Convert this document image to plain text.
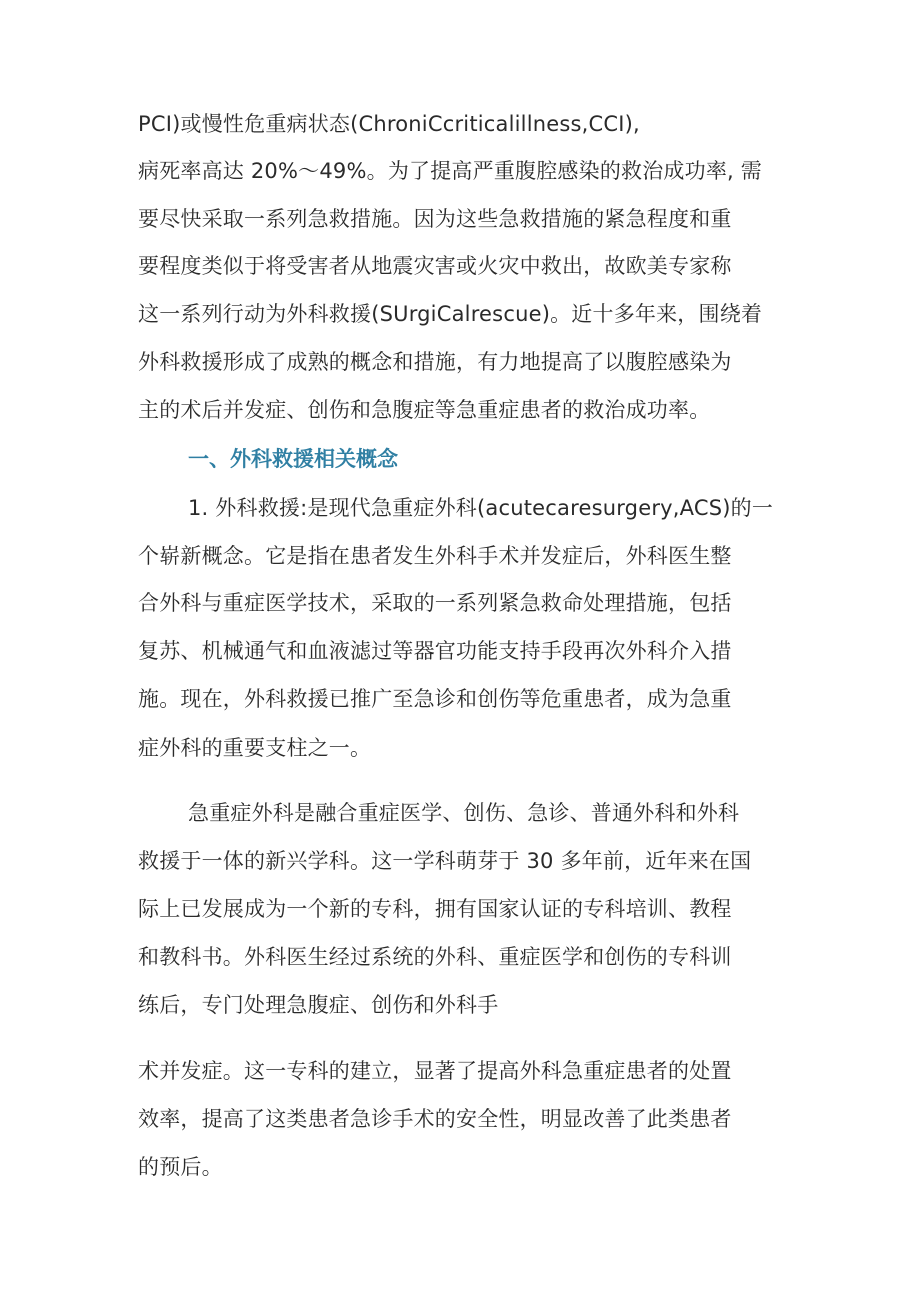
PCI)或慢性危重病状态(ChroniCcriticalillness,CCI),
病死率高达 20%～49%。为了提高严重腹腔感染的救治成功率, 需
要尽快采取一系列急救措施。因为这些急救措施的紧急程度和重
要程度类似于将受害者从地震灾害或火灾中救出，故欧美专家称
这一系列行动为外科救援(SUrgiCalrescue)。近十多年来，围绕着
外科救援形成了成熟的概念和措施，有力地提高了以腹腔感染为
主的术后并发症、创伤和急腹症等急重症患者的救治成功率。
一、外科救援相关概念
1. 外科救援:是现代急重症外科(acutecaresurgery,ACS)的一
个崭新概念。它是指在患者发生外科手术并发症后，外科医生整
合外科与重症医学技术，采取的一系列紧急救命处理措施，包括
复苏、机械通气和血液滤过等器官功能支持手段再次外科介入措
施。现在，外科救援已推广至急诊和创伤等危重患者，成为急重
症外科的重要支柱之一。
急重症外科是融合重症医学、创伤、急诊、普通外科和外科
救援于一体的新兴学科。这一学科萌芽于 30 多年前，近年来在国
际上已发展成为一个新的专科，拥有国家认证的专科培训、教程
和教科书。外科医生经过系统的外科、重症医学和创伤的专科训
练后，专门处理急腹症、创伤和外科手
术并发症。这一专科的建立，显著了提高外科急重症患者的处置
效率，提高了这类患者急诊手术的安全性，明显改善了此类患者
的预后。
